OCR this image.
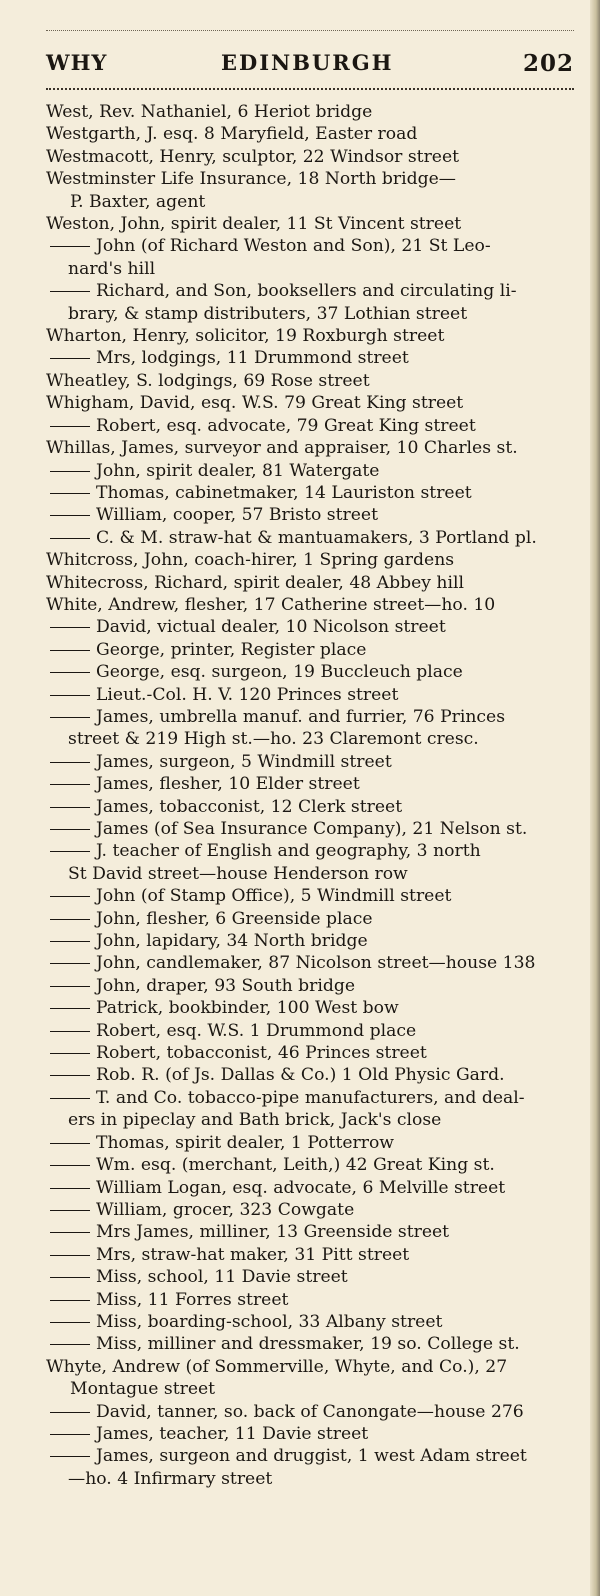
WHY	EDINBURGH	202
West, Rev. Nathaniel, 6 Heriot bridge
Westgarth, J. esq. 8 Maryfield, Easter road
Westmacott, Henry, sculptor, 22 Windsor street
Westminster Life Insurance, 18 North bridge—
P. Baxter, agent
Weston, John, spirit dealer, 11 St Vincent street
John (of Richard Weston and Son), 21 St Leo-
nard's hill
Richard, and Son, booksellers and circulating li-
brary, & stamp distributers, 37 Lothian street
Wharton, Henry, solicitor, 19 Roxburgh street
Mrs, lodgings, 11 Drummond street
Wheatley, S. lodgings, 69 Rose street
Whigham, David, esq. W.S. 79 Great King street
Robert, esq. advocate, 79 Great King street
Whillas, James, surveyor and appraiser, 10 Charles st.
John, spirit dealer, 81 Watergate
Thomas, cabinetmaker, 14 Lauriston street
William, cooper, 57 Bristo street
C. & M. straw-hat & mantuamakers, 3 Portland pl.
Whitcross, John, coach-hirer, 1 Spring gardens
Whitecross, Richard, spirit dealer, 48 Abbey hill
White, Andrew, flesher, 17 Catherine street—ho. 10
David, victual dealer, 10 Nicolson street
George, printer, Register place
George, esq. surgeon, 19 Buccleuch place
Lieut.-Col. H. V. 120 Princes street
James, umbrella manuf. and furrier, 76 Princes
street & 219 High st.—ho. 23 Claremont cresc.
James, surgeon, 5 Windmill street
James, flesher, 10 Elder street
James, tobacconist, 12 Clerk street
James (of Sea Insurance Company), 21 Nelson st.
J. teacher of English and geography, 3 north
St David street—house Henderson row
John (of Stamp Office), 5 Windmill street
John, flesher, 6 Greenside place
John, lapidary, 34 North bridge
John, candlemaker, 87 Nicolson street—house 138
John, draper, 93 South bridge
Patrick, bookbinder, 100 West bow
Robert, esq. W.S. 1 Drummond place
Robert, tobacconist, 46 Princes street
Rob. R. (of Js. Dallas & Co.) 1 Old Physic Gard.
T. and Co. tobacco-pipe manufacturers, and deal-
ers in pipeclay and Bath brick, Jack's close
Thomas, spirit dealer, 1 Potterrow
Wm. esq. (merchant, Leith,) 42 Great King st.
William Logan, esq. advocate, 6 Melville street
William, grocer, 323 Cowgate
Mrs James, milliner, 13 Greenside street
Mrs, straw-hat maker, 31 Pitt street
Miss, school, 11 Davie street
Miss, 11 Forres street
Miss, boarding-school, 33 Albany street
Miss, milliner and dressmaker, 19 so. College st.
Whyte, Andrew (of Sommerville, Whyte, and Co.), 27
Montague street
David, tanner, so. back of Canongate—house 276
James, teacher, 11 Davie street
James, surgeon and druggist, 1 west Adam street
—ho. 4 Infirmary street
